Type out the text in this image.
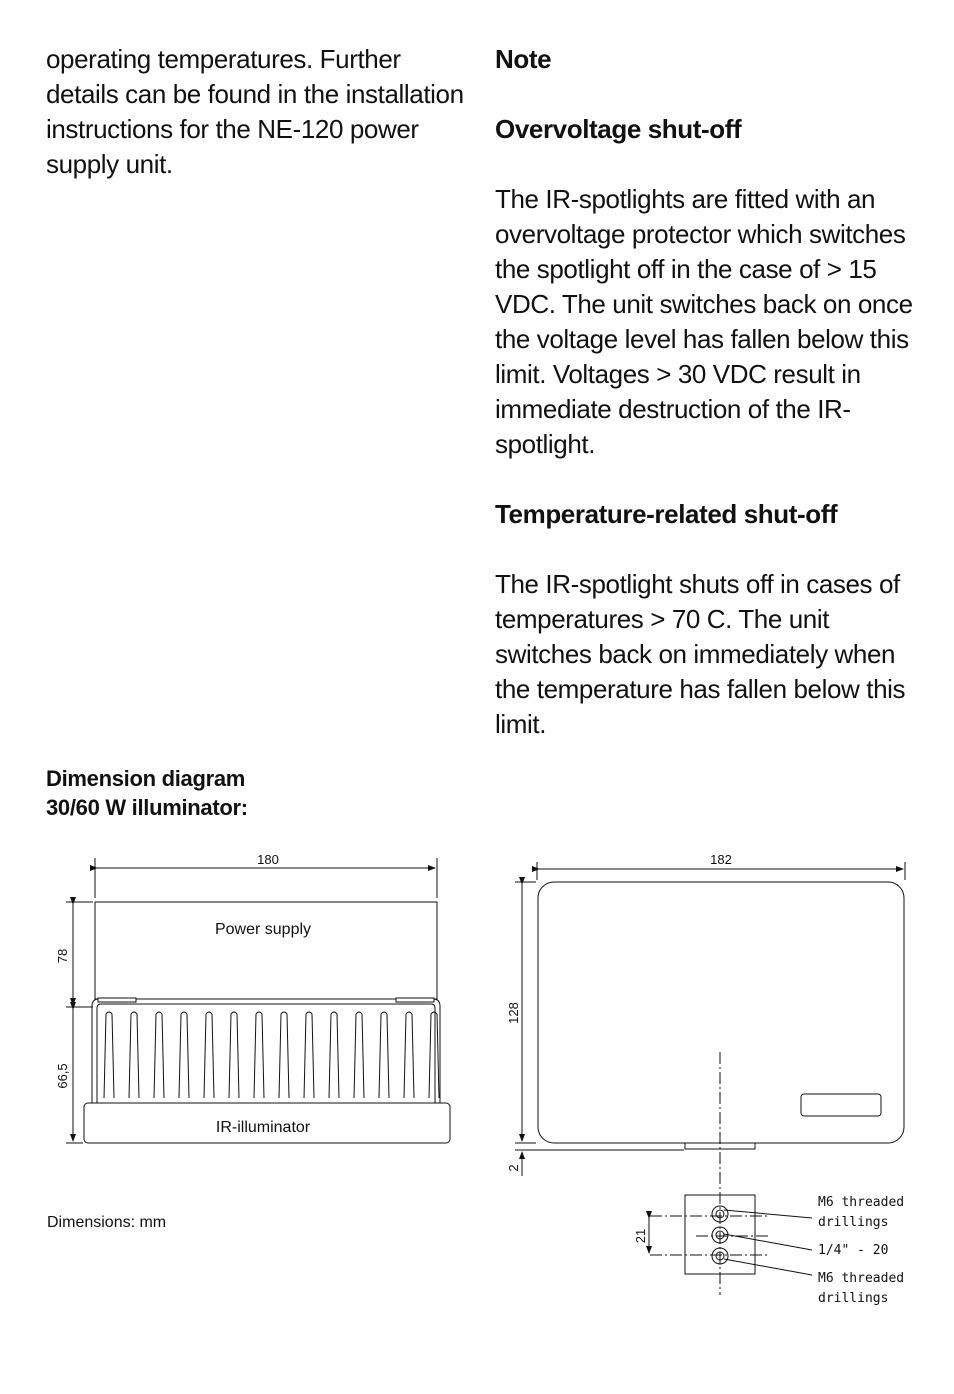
operating temperatures. Further details can be found in the installation instructions for the NE-120 power supply unit.

Note

Overvoltage shut-off

The IR-spotlights are fitted with an overvoltage protector which switches the spotlight off in the case of > 15 VDC. The unit switches back on once the voltage level has fallen below this limit. Voltages > 30 VDC result in immediate destruction of the IR-spotlight.

Temperature-related shut-off

The IR-spotlight shuts off in cases of temperatures > 70 C. The unit switches back on immediately when the temperature has fallen below this limit.

Dimension diagram
30/60 W illuminator:
Dimensions: mm
180
78
66,5
Power supply
IR-illuminator
182
128
2
21
M6 threaded
drillings
1/4" - 20
M6 threaded
drillings
